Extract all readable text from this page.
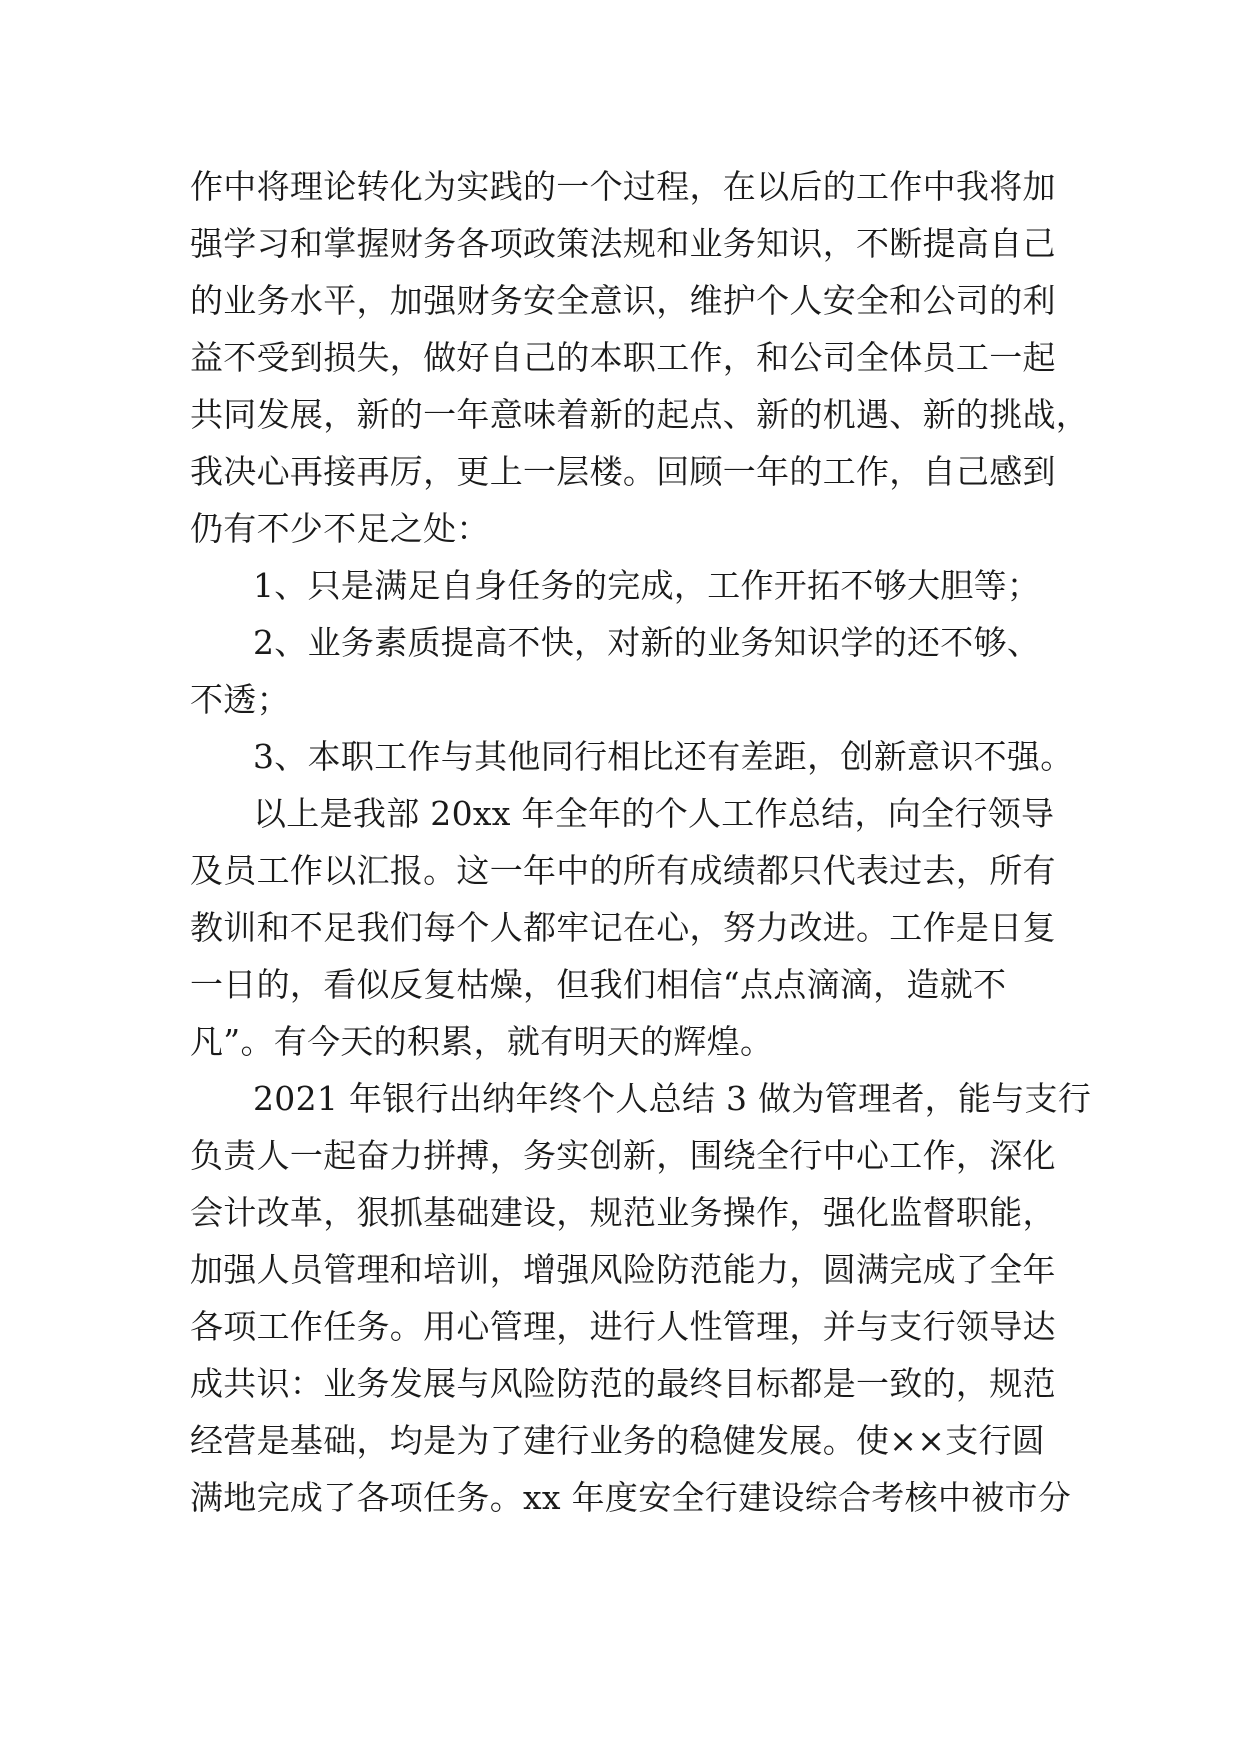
作中将理论转化为实践的一个过程，在以后的工作中我将加
强学习和掌握财务各项政策法规和业务知识，不断提高自己
的业务水平，加强财务安全意识，维护个人安全和公司的利
益不受到损失，做好自己的本职工作，和公司全体员工一起
共同发展，新的一年意味着新的起点、新的机遇、新的挑战，
我决心再接再厉，更上一层楼。回顾一年的工作，自己感到
仍有不少不足之处：
1、只是满足自身任务的完成，工作开拓不够大胆等；
2、业务素质提高不快，对新的业务知识学的还不够、
不透；
3、本职工作与其他同行相比还有差距，创新意识不强。
以上是我部 20xx 年全年的个人工作总结，向全行领导
及员工作以汇报。这一年中的所有成绩都只代表过去，所有
教训和不足我们每个人都牢记在心，努力改进。工作是日复
一日的，看似反复枯燥，但我们相信“点点滴滴，造就不
凡”。有今天的积累，就有明天的辉煌。
2021 年银行出纳年终个人总结 3 做为管理者，能与支行
负责人一起奋力拼搏，务实创新，围绕全行中心工作，深化
会计改革，狠抓基础建设，规范业务操作，强化监督职能，
加强人员管理和培训，增强风险防范能力，圆满完成了全年
各项工作任务。用心管理，进行人性管理，并与支行领导达
成共识：业务发展与风险防范的最终目标都是一致的，规范
经营是基础，均是为了建行业务的稳健发展。使××支行圆
满地完成了各项任务。xx 年度安全行建设综合考核中被市分
